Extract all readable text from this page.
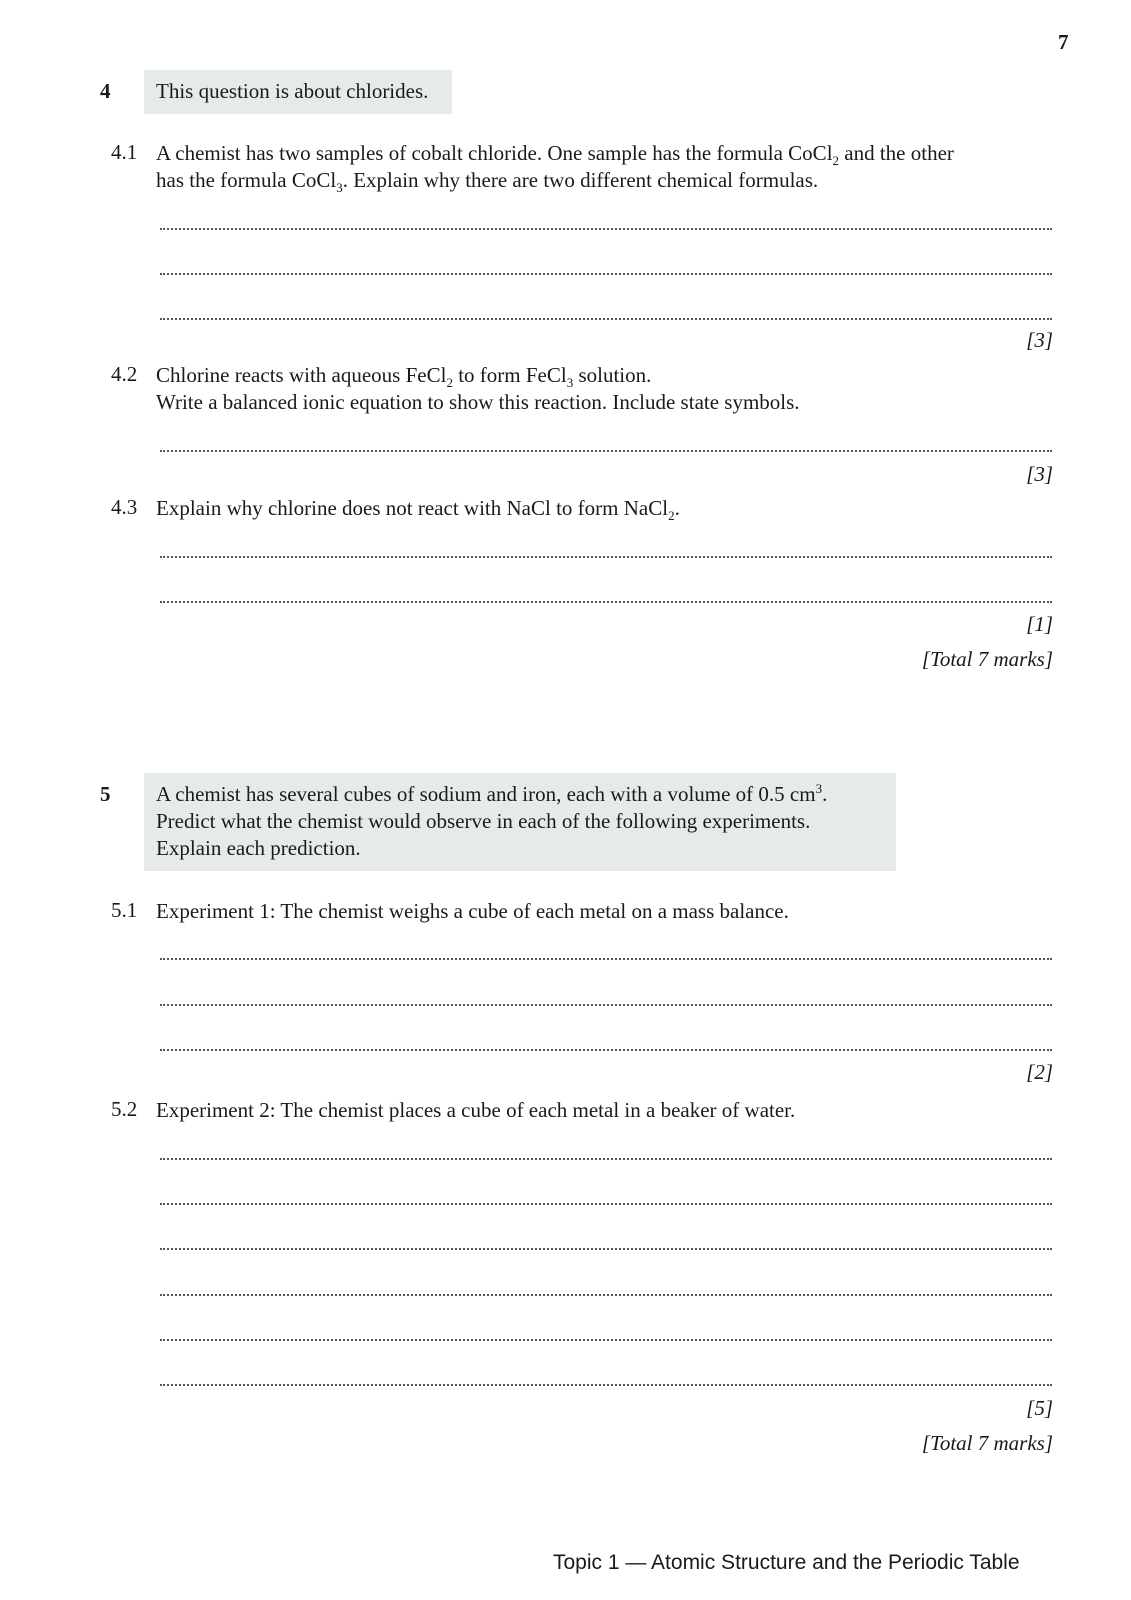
7
4	This question is about chlorides.
4.1 A chemist has two samples of cobalt chloride. One sample has the formula CoCl$_2$ and the other
has the formula CoCl$_3$. Explain why there are two different chemical formulas.
[3]
4.2 Chlorine reacts with aqueous FeCl$_2$ to form FeCl$_3$ solution.
Write a balanced ionic equation to show this reaction. Include state symbols.
[3]
4.3 Explain why chlorine does not react with NaCl to form NaCl$_2$.
[1]
[Total 7 marks]
5 A chemist has several cubes of sodium and iron, each with a volume of 0.5 $cm^3$.
Predict what the chemist would observe in each of the following experiments.
Explain each prediction.
5.1 Experiment 1: The chemist weighs a cube of each metal on a mass balance.
[2]
5.2 Experiment 2: The chemist places a cube of each metal in a beaker of water.
[5]
[Total 7 marks]
Topic 1 — Atomic Structure and the Periodic Table
